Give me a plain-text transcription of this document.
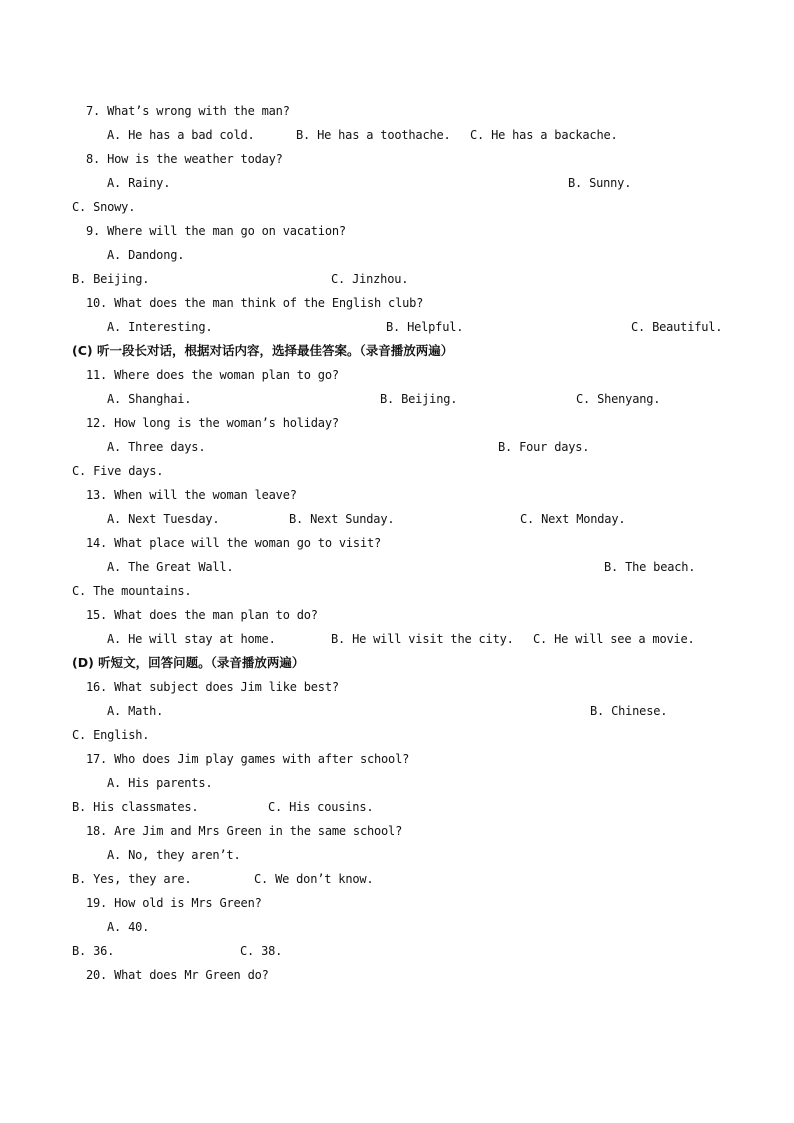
7. What’s wrong with the man?
A. He has a bad cold.	B. He has a toothache. C. He has a backache.
8. How is the weather today?
A. Rainy.	B. Sunny.
C. Snowy.
9. Where will the man go on vacation?
A. Dandong.
B. Beijing.	C. Jinzhou.
10. What does the man think of the English club?
A. Interesting.	B. Helpful.	C. Beautiful.
(C) 听一段长对话，根据对话内容，选择最佳答案。（录音播放两遍）
11. Where does the woman plan to go?
A. Shanghai.	B. Beijing.	C. Shenyang.
12. How long is the woman’s holiday?
A. Three days.	B. Four days.
C. Five days.
13. When will the woman leave?
A. Next Tuesday.	B. Next Sunday.	C. Next Monday.
14. What place will the woman go to visit?
A. The Great Wall.	B. The beach.
C. The mountains.
15. What does the man plan to do?
A. He will stay at home.	B. He will visit the city. C. He will see a movie.
(D) 听短文，回答问题。（录音播放两遍）
16. What subject does Jim like best?
A. Math.	B. Chinese.
C. English.
17. Who does Jim play games with after school?
A. His parents.
B. His classmates.	C. His cousins.
18. Are Jim and Mrs Green in the same school?
A. No, they aren’t.
B. Yes, they are.	C. We don’t know.
19. How old is Mrs Green?
A. 40.
B. 36.	C. 38.
20. What does Mr Green do?
